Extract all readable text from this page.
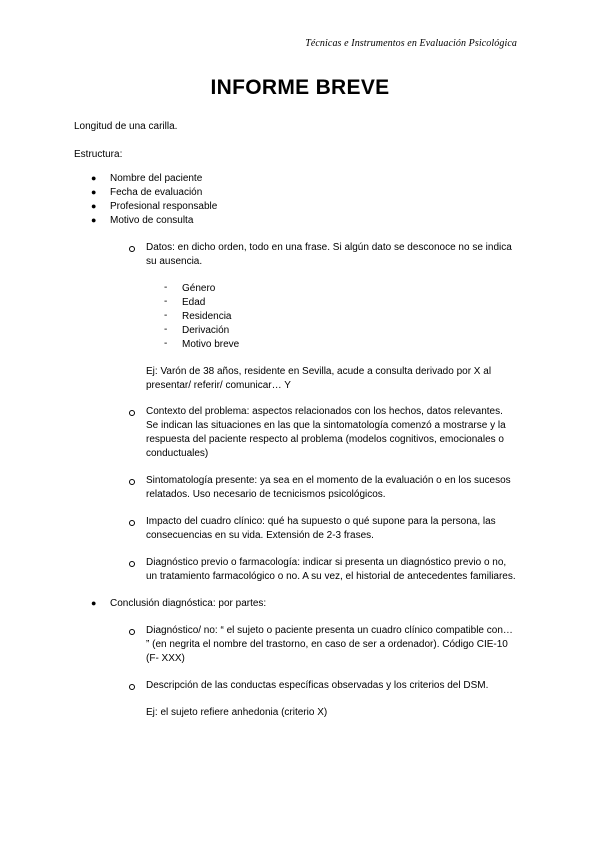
Técnicas e Instrumentos en Evaluación Psicológica
INFORME BREVE
Longitud de una carilla.
Estructura:
● Nombre del paciente
● Fecha de evaluación
● Profesional responsable
● Motivo de consulta
Datos: en dicho orden, todo en una frase. Si algún dato se desconoce no se indica
su ausencia.
- Género
- Edad
- Residencia
- Derivación
- Motivo breve
Ej: Varón de 38 años, residente en Sevilla, acude a consulta derivado por X al
presentar/ referir/ comunicar… Y
Contexto del problema: aspectos relacionados con los hechos, datos relevantes.
Se indican las situaciones en las que la sintomatología comenzó a mostrarse y la
respuesta del paciente respecto al problema (modelos cognitivos, emocionales o
conductuales)
Sintomatología presente: ya sea en el momento de la evaluación o en los sucesos
relatados. Uso necesario de tecnicismos psicológicos.
Impacto del cuadro clínico: qué ha supuesto o qué supone para la persona, las
consecuencias en su vida. Extensión de 2-3 frases.
Diagnóstico previo o farmacología: indicar si presenta un diagnóstico previo o no,
un tratamiento farmacológico o no. A su vez, el historial de antecedentes familiares.
● Conclusión diagnóstica: por partes:
Diagnóstico/ no: “ el sujeto o paciente presenta un cuadro clínico compatible con…
” (en negrita el nombre del trastorno, en caso de ser a ordenador). Código CIE-10
(F- XXX)
Descripción de las conductas específicas observadas y los criterios del DSM.
Ej: el sujeto refiere anhedonia (criterio X)
